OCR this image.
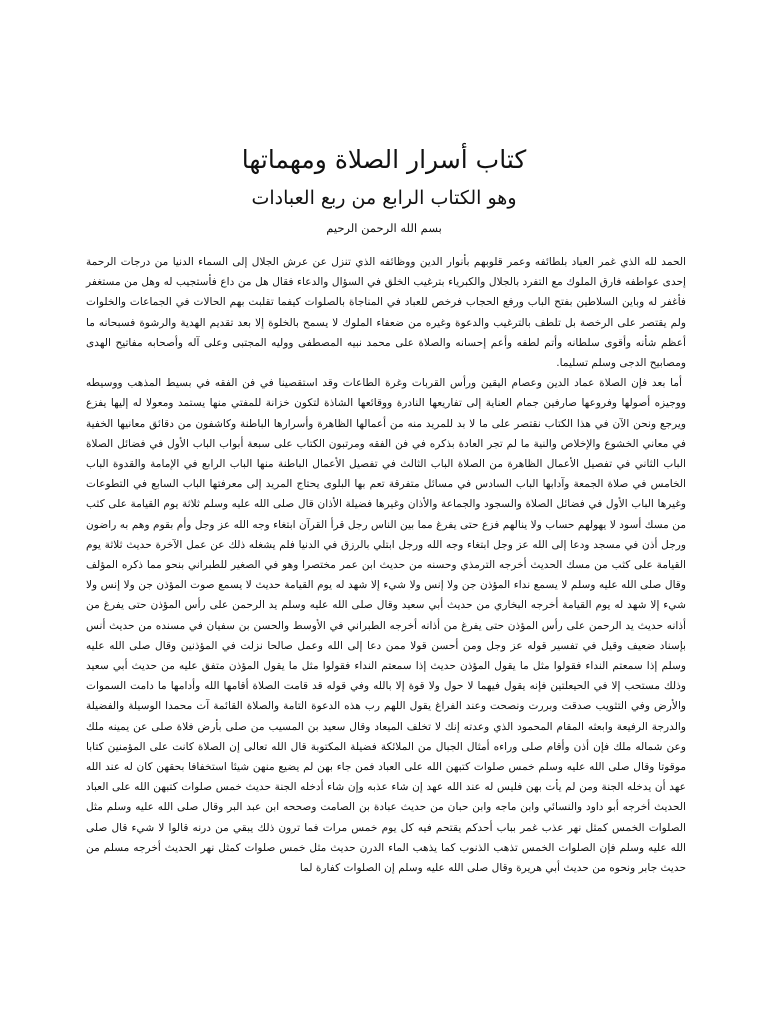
كتاب أسرار الصلاة ومهماتها
وهو الكتاب الرابع من ربع العبادات
بسم الله الرحمن الرحيم

الحمد لله الذي غمر العباد بلطائفه وعمر قلوبهم بأنوار الدين ووظائفه الذي تنزل عن عرش الجلال إلى السماء الدنيا من درجات الرحمة إحدى عواطفه فارق الملوك مع التفرد بالجلال والكبرياء بترغيب الخلق في السؤال والدعاء فقال هل من داع فأستجيب له وهل من مستغفر فأغفر له وباين السلاطين بفتح الباب ورفع الحجاب فرخص للعباد في المناجاة بالصلوات كيفما تقلبت بهم الحالات في الجماعات والخلوات ولم يقتصر على الرخصة بل تلطف بالترغيب والدعوة وغيره من ضعفاء الملوك لا يسمح بالخلوة إلا بعد تقديم الهدية والرشوة فسبحانه ما أعظم شأنه وأقوى سلطانه وأتم لطفه وأعم إحسانه والصلاة على محمد نبيه المصطفى ووليه المجتبى وعلى آله وأصحابه مفاتيح الهدى ومصابيح الدجى وسلم تسليما.

أما بعد فإن الصلاة عماد الدين وعصام اليقين ورأس القربات وغرة الطاعات وقد استقصينا في فن الفقه في بسيط المذهب ووسيطه ووجيزه أصولها وفروعها صارفين جمام العناية إلى تفاريعها النادرة ووقائعها الشاذة لتكون خزانة للمفتي منها يستمد ومعولا له إليها يفزع ويرجع ونحن الآن في هذا الكتاب نقتصر على ما لا بد للمريد منه من أعمالها الظاهرة وأسرارها الباطنة وكاشفون من دقائق معانيها الخفية في معاني الخشوع والإخلاص والنية ما لم تجر العادة بذكره في فن الفقه ومرتبون الكتاب على سبعة أبواب الباب الأول في فضائل الصلاة الباب الثاني في تفصيل الأعمال الظاهرة من الصلاة الباب الثالث في تفصيل الأعمال الباطنة منها الباب الرابع في الإمامة والقدوة الباب الخامس في صلاة الجمعة وآدابها الباب السادس في مسائل متفرقة تعم بها البلوى يحتاج المريد إلى معرفتها الباب السابع في التطوعات وغيرها الباب الأول في فضائل الصلاة والسجود والجماعة والأذان وغيرها فضيلة الأذان قال صلى الله عليه وسلم ثلاثة يوم القيامة على كثب من مسك أسود لا يهولهم حساب ولا ينالهم فزع حتى يفرغ مما بين الناس رجل قرأ القرآن ابتغاء وجه الله عز وجل وأم بقوم وهم به راضون ورجل أذن في مسجد ودعا إلى الله عز وجل ابتغاء وجه الله ورجل ابتلي بالرزق في الدنيا فلم يشغله ذلك عن عمل الآخرة حديث ثلاثة يوم القيامة على كثب من مسك الحديث أخرجه الترمذي وحسنه من حديث ابن عمر مختصرا وهو في الصغير للطبراني بنحو مما ذكره المؤلف وقال صلى الله عليه وسلم لا يسمع نداء المؤذن جن ولا إنس ولا شيء إلا شهد له يوم القيامة حديث لا يسمع صوت المؤذن جن ولا إنس ولا شيء إلا شهد له يوم القيامة أخرجه البخاري من حديث أبي سعيد وقال صلى الله عليه وسلم يد الرحمن على رأس المؤذن حتى يفرغ من أذانه حديث يد الرحمن على رأس المؤذن حتى يفرغ من أذانه أخرجه الطبراني في الأوسط والحسن بن سفيان في مسنده من حديث أنس بإسناد ضعيف وقيل في تفسير قوله عز وجل ومن أحسن قولا ممن دعا إلى الله وعمل صالحا نزلت في المؤذنين وقال صلى الله عليه وسلم إذا سمعتم النداء فقولوا مثل ما يقول المؤذن حديث إذا سمعتم النداء فقولوا مثل ما يقول المؤذن متفق عليه من حديث أبي سعيد وذلك مستحب إلا في الحيعلتين فإنه يقول فيهما لا حول ولا قوة إلا بالله وفي قوله قد قامت الصلاة أقامها الله وأدامها ما دامت السموات والأرض وفي التثويب صدقت وبررت ونصحت وعند الفراغ يقول اللهم رب هذه الدعوة التامة والصلاة القائمة آت محمدا الوسيلة والفضيلة والدرجة الرفيعة وابعثه المقام المحمود الذي وعدته إنك لا تخلف الميعاد وقال سعيد بن المسيب من صلى بأرض فلاة صلى عن يمينه ملك وعن شماله ملك فإن أذن وأقام صلى وراءه أمثال الجبال من الملائكة فضيلة المكتوبة قال الله تعالى إن الصلاة كانت على المؤمنين كتابا موقوتا وقال صلى الله عليه وسلم خمس صلوات كتبهن الله على العباد فمن جاء بهن لم يضيع منهن شيئا استخفافا بحقهن كان له عند الله عهد أن يدخله الجنة ومن لم يأت بهن فليس له عند الله عهد إن شاء عذبه وإن شاء أدخله الجنة حديث خمس صلوات كتبهن الله على العباد الحديث أخرجه أبو داود والنسائي وابن ماجه وابن حبان من حديث عبادة بن الصامت وصححه ابن عبد البر وقال صلى الله عليه وسلم مثل الصلوات الخمس كمثل نهر عذب غمر بباب أحدكم يقتحم فيه كل يوم خمس مرات فما ترون ذلك يبقي من درنه قالوا لا شيء قال صلى الله عليه وسلم فإن الصلوات الخمس تذهب الذنوب كما يذهب الماء الدرن حديث مثل خمس صلوات كمثل نهر الحديث أخرجه مسلم من حديث جابر ونحوه من حديث أبي هريرة وقال صلى الله عليه وسلم إن الصلوات كفارة لما
